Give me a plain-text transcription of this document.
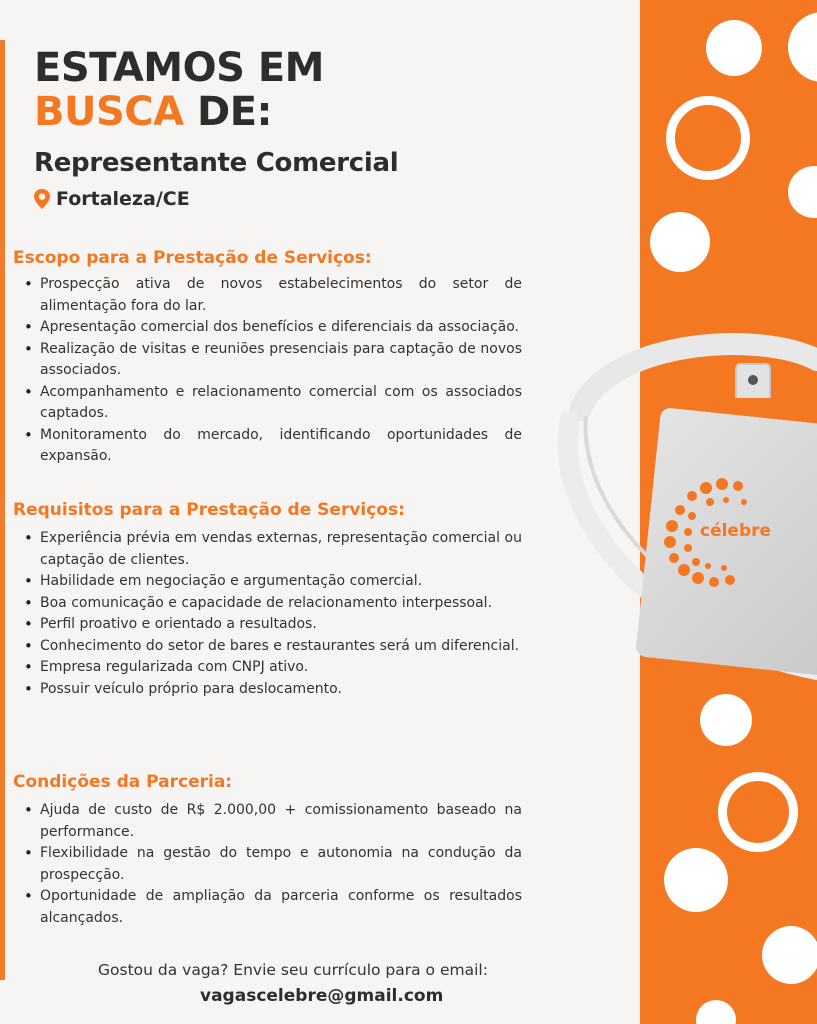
célebre
ESTAMOS EM
BUSCA DE:
Representante Comercial
Fortaleza/CE
Escopo para a Prestação de Serviços:
• Prospecção ativa de novos estabelecimentos do setor de alimentação fora do lar.
• Apresentação comercial dos benefícios e diferenciais da associação.
• Realização de visitas e reuniões presenciais para captação de novos associados.
• Acompanhamento e relacionamento comercial com os associados captados.
• Monitoramento do mercado, identificando oportunidades de expansão.
Requisitos para a Prestação de Serviços:
• Experiência prévia em vendas externas, representação comercial ou captação de clientes.
• Habilidade em negociação e argumentação comercial.
• Boa comunicação e capacidade de relacionamento interpessoal.
• Perfil proativo e orientado a resultados.
• Conhecimento do setor de bares e restaurantes será um diferencial.
• Empresa regularizada com CNPJ ativo.
• Possuir veículo próprio para deslocamento.
Condições da Parceria:
• Ajuda de custo de R$ 2.000,00 + comissionamento baseado na performance.
• Flexibilidade na gestão do tempo e autonomia na condução da prospecção.
• Oportunidade de ampliação da parceria conforme os resultados alcançados.
Gostou da vaga? Envie seu currículo para o email:
vagascelebre@gmail.com
